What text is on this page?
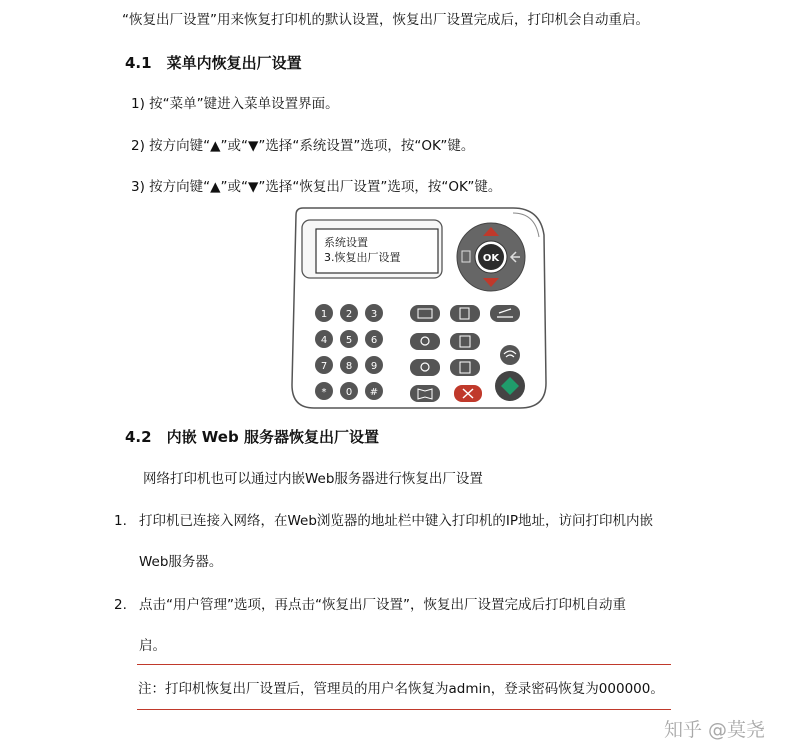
“恢复出厂设置”用来恢复打印机的默认设置，恢复出厂设置完成后，打印机会自动重启。
4.1　菜单内恢复出厂设置
1) 按“菜单”键进入菜单设置界面。
2) 按方向键“▲”或“▼”选择“系统设置”选项，按“OK”键。
3) 按方向键“▲”或“▼”选择“恢复出厂设置”选项，按“OK”键。
系统设置
3.恢复出厂设置	OK
1 2 3
4 5 6
7 8 9
* 0 #
4.2　内嵌 Web 服务器恢复出厂设置
网络打印机也可以通过内嵌Web服务器进行恢复出厂设置
1. 打印机已连接入网络，在Web浏览器的地址栏中键入打印机的IP地址，访问打印机内嵌
Web服务器。
2. 点击“用户管理”选项，再点击“恢复出厂设置”，恢复出厂设置完成后打印机自动重
启。
注：打印机恢复出厂设置后，管理员的用户名恢复为admin，登录密码恢复为000000。
知乎 @莫尧
